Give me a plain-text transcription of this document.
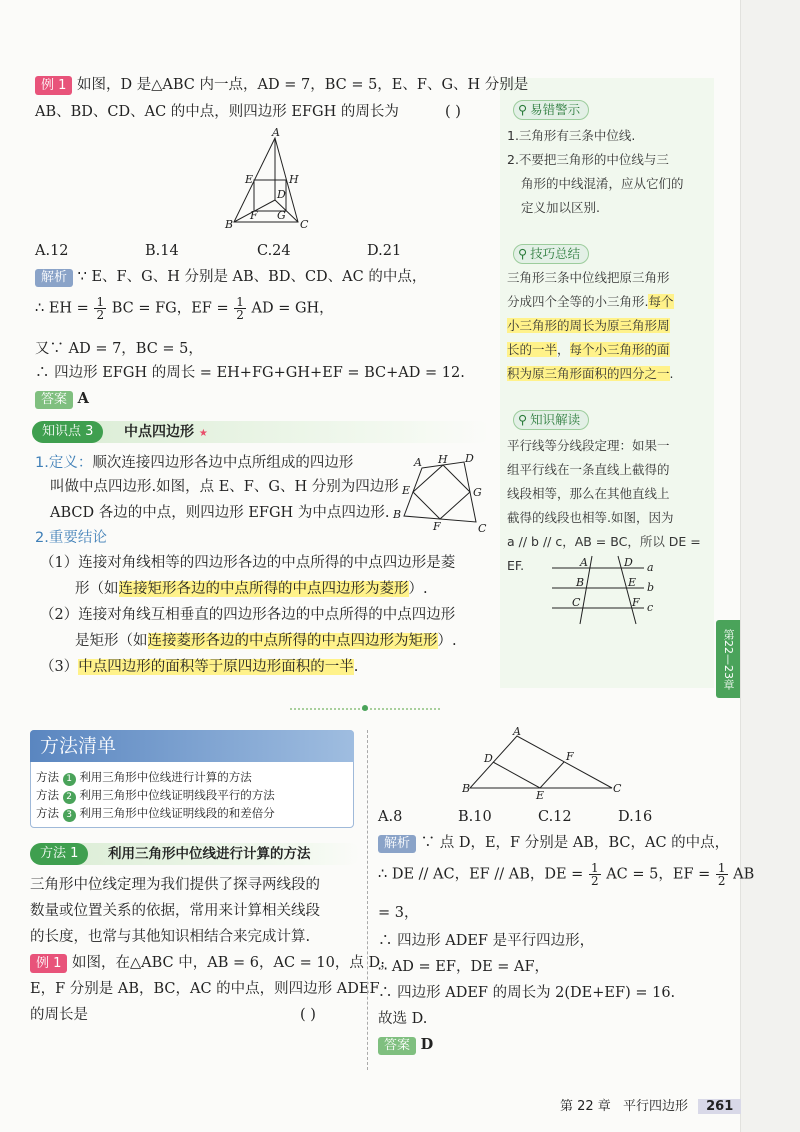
例 1 如图，D 是△ABC 内一点，AD = 7，BC = 5，E、F、G、H 分别是
AB、BD、CD、AC 的中点，则四边形 EFGH 的周长为	( )
A
E	H
D
F G
B	C
A.12	B.14	C.24	D.21
解析 ∵ E、F、G、H 分别是 AB、BD、CD、AC 的中点，
∴ EH = $\frac{1}{2}$ BC = FG，EF = $\frac{1}{2}$ AD = GH，
又∵ AD = 7，BC = 5，
∴ 四边形 EFGH 的周长 = EH+FG+GH+EF = BC+AD = 12.
答案 A
知识点 3	中点四边形 ★
1.定义：顺次连接四边形各边中点所组成的四边形
叫做中点四边形.如图，点 E、F、G、H 分别为四边形
ABCD 各边的中点，则四边形 EFGH 为中点四边形.
A H D
E	G
B
F	C
2.重要结论
（1）连接对角线相等的四边形各边的中点所得的中点四边形是菱
形（如连接矩形各边的中点所得的中点四边形为菱形）.
（2）连接对角线互相垂直的四边形各边的中点所得的中点四边形
是矩形（如连接菱形各边的中点所得的中点四边形为矩形）.
（3）中点四边形的面积等于原四边形面积的一半.
⚲ 易错警示
1.三角形有三条中位线.
2.不要把三角形的中位线与三
角形的中线混淆，应从它们的
定义加以区别.
⚲ 技巧总结
三角形三条中位线把原三角形
分成四个全等的小三角形.每个
小三角形的周长为原三角形周
长的一半，每个小三角形的面
积为原三角形面积的四分之一.
⚲ 知识解读
平行线等分线段定理：如果一
组平行线在一条直线上截得的
线段相等，那么在其他直线上
截得的线段也相等.如图，因为
a // b // c，AB = BC，所以 DE = EF.	A	D a
B	E b
C	F c
第22—23章
方法清单
方法 1 利用三角形中位线进行计算的方法
方法 2 利用三角形中位线证明线段平行的方法
方法 3 利用三角形中位线证明线段的和差倍分
方法 1	利用三角形中位线进行计算的方法
三角形中位线定理为我们提供了探寻两线段的
数量或位置关系的依据，常用来计算相关线段
的长度，也常与其他知识相结合来完成计算.
例 1 如图，在△ABC 中，AB = 6，AC = 10，点 D，
E，F 分别是 AB，BC，AC 的中点，则四边形 ADEF
的周长是	( )
A
D	F
B
E
C
A.8	B.10	C.12	D.16
解析 ∵ 点 D，E，F 分别是 AB，BC，AC 的中点，
∴ DE // AC，EF // AB，DE = $\frac{1}{2}$ AC = 5，EF = $\frac{1}{2}$ AB
= 3，
∴ 四边形 ADEF 是平行四边形，
∴ AD = EF，DE = AF，
∴ 四边形 ADEF 的周长为 2(DE+EF) = 16.
故选 D.
答案 D
第 22 章 平行四边形 261
